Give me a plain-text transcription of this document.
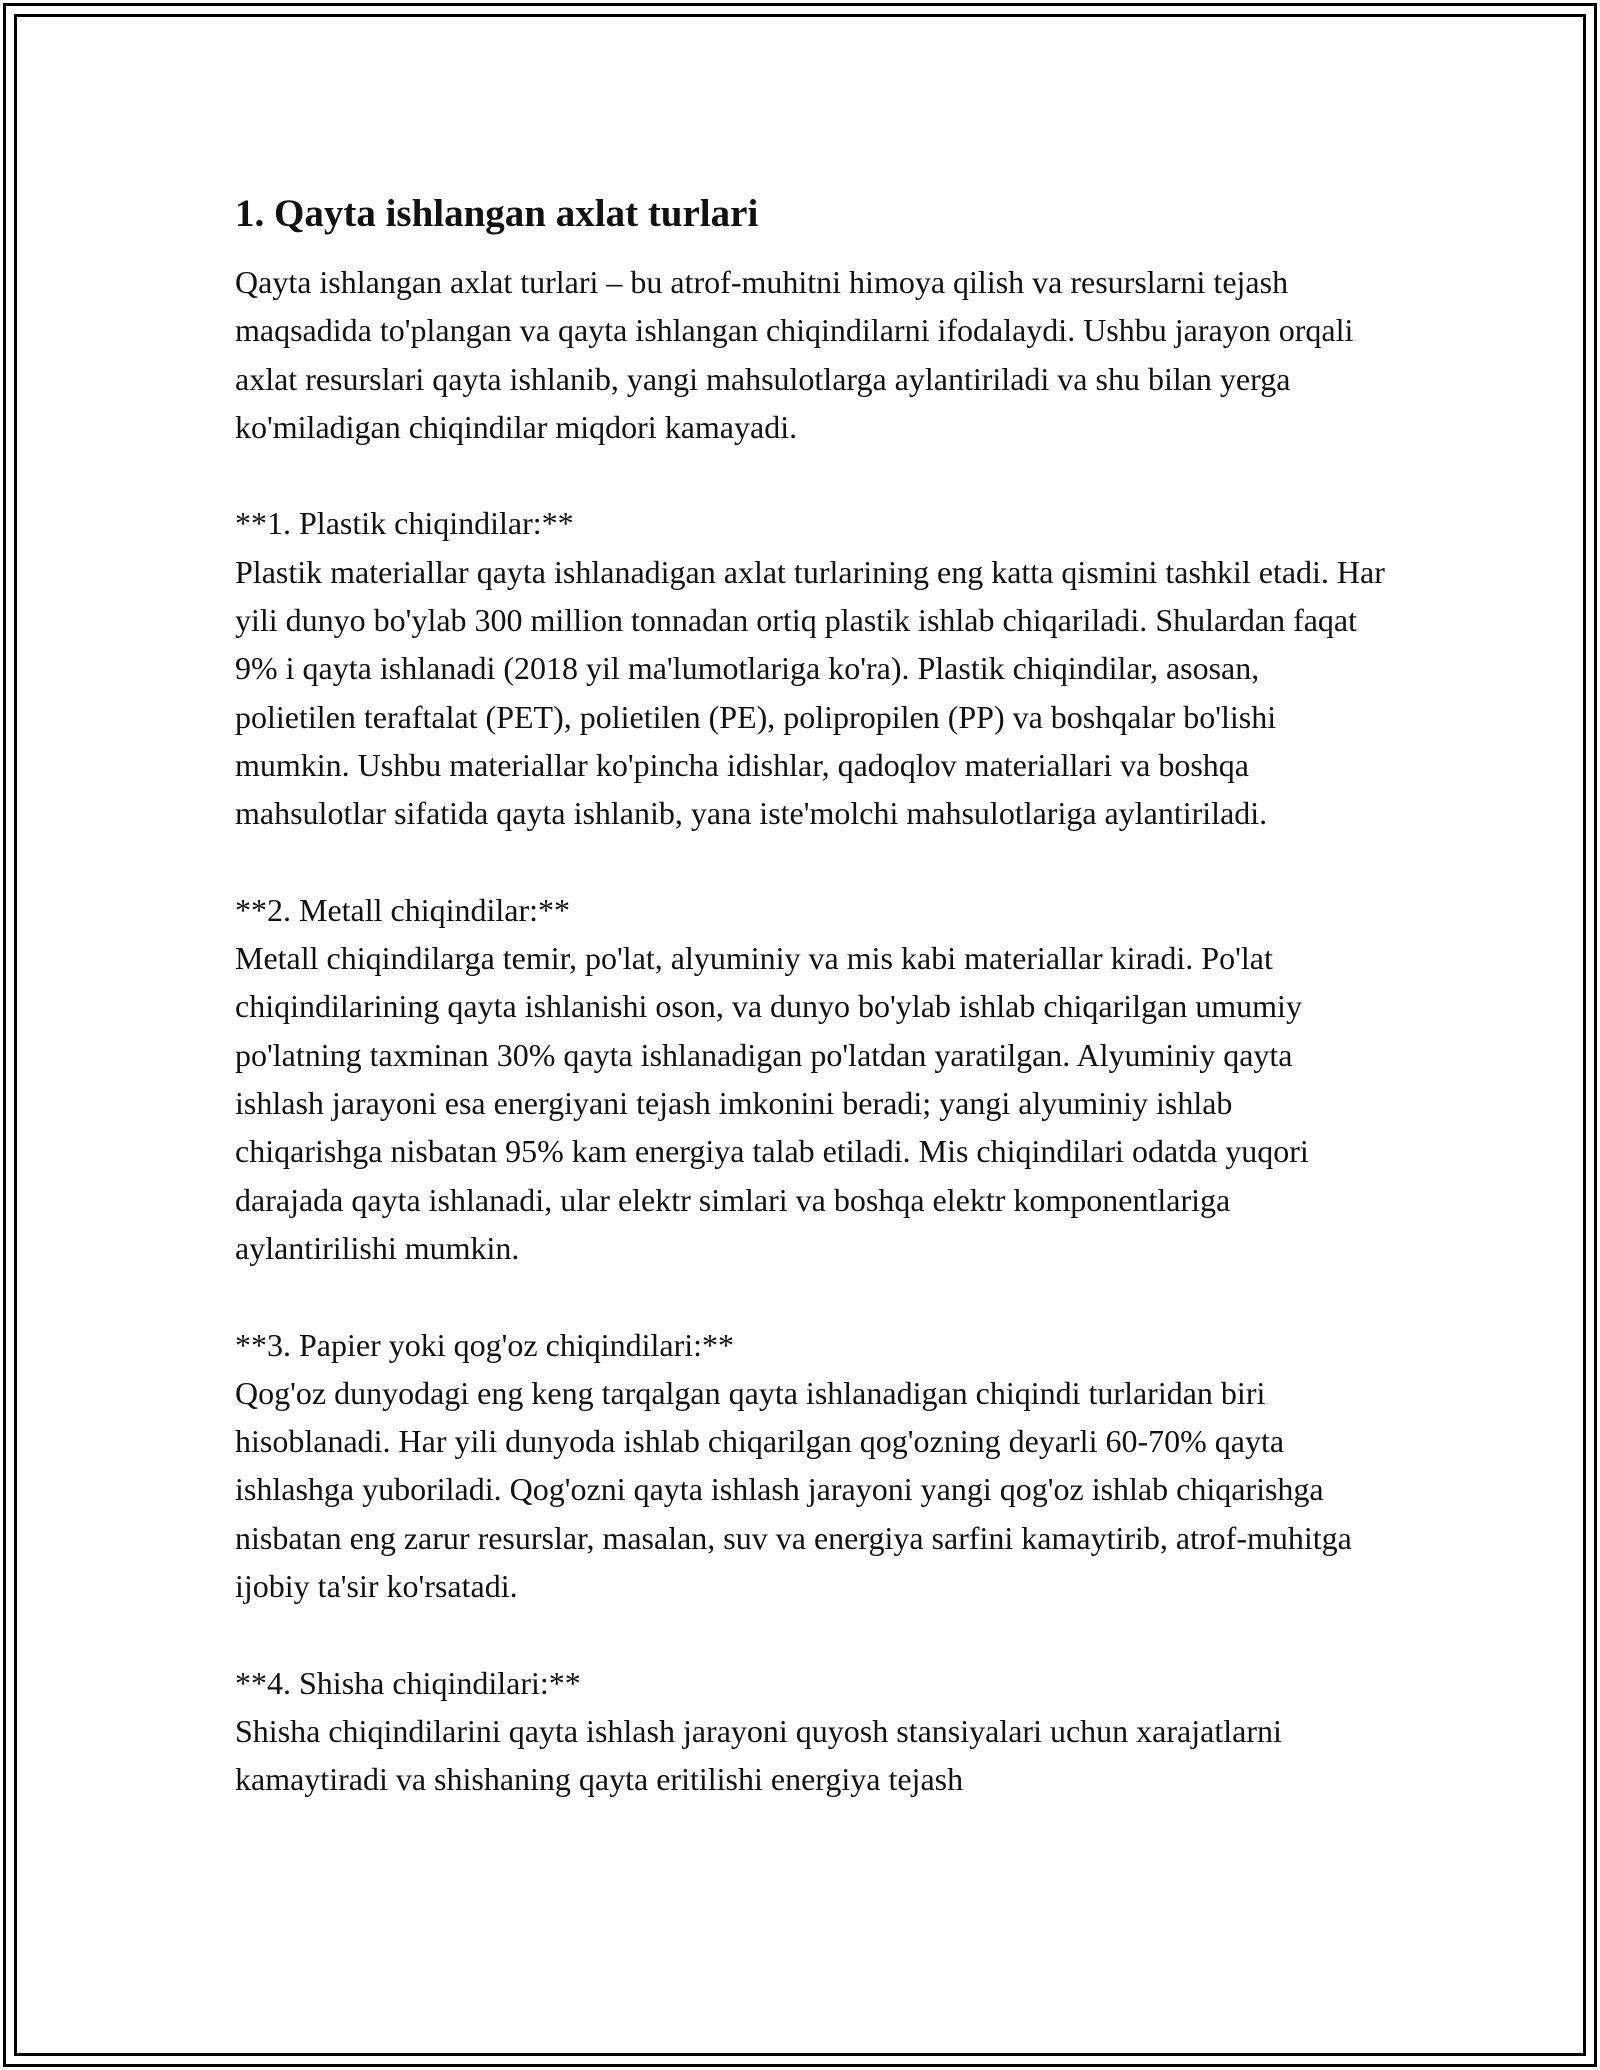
1. Qayta ishlangan axlat turlari

Qayta ishlangan axlat turlari – bu atrof-muhitni himoya qilish va resurslarni tejash maqsadida to'plangan va qayta ishlangan chiqindilarni ifodalaydi. Ushbu jarayon orqali axlat resurslari qayta ishlanib, yangi mahsulotlarga aylantiriladi va shu bilan yerga ko'miladigan chiqindilar miqdori kamayadi.

**1. Plastik chiqindilar:**

Plastik materiallar qayta ishlanadigan axlat turlarining eng katta qismini tashkil etadi. Har yili dunyo bo'ylab 300 million tonnadan ortiq plastik ishlab chiqariladi. Shulardan faqat 9% i qayta ishlanadi (2018 yil ma'lumotlariga ko'ra). Plastik chiqindilar, asosan, polietilen teraftalat (PET), polietilen (PE), polipropilen (PP) va boshqalar bo'lishi mumkin. Ushbu materiallar ko'pincha idishlar, qadoqlov materiallari va boshqa mahsulotlar sifatida qayta ishlanib, yana iste'molchi mahsulotlariga aylantiriladi.

**2. Metall chiqindilar:**

Metall chiqindilarga temir, po'lat, alyuminiy va mis kabi materiallar kiradi. Po'lat chiqindilarining qayta ishlanishi oson, va dunyo bo'ylab ishlab chiqarilgan umumiy po'latning taxminan 30% qayta ishlanadigan po'latdan yaratilgan. Alyuminiy qayta ishlash jarayoni esa energiyani tejash imkonini beradi; yangi alyuminiy ishlab chiqarishga nisbatan 95% kam energiya talab etiladi. Mis chiqindilari odatda yuqori darajada qayta ishlanadi, ular elektr simlari va boshqa elektr komponentlariga aylantirilishi mumkin.

**3. Papier yoki qog'oz chiqindilari:**

Qog'oz dunyodagi eng keng tarqalgan qayta ishlanadigan chiqindi turlaridan biri hisoblanadi. Har yili dunyoda ishlab chiqarilgan qog'ozning deyarli 60-70% qayta ishlashga yuboriladi. Qog'ozni qayta ishlash jarayoni yangi qog'oz ishlab chiqarishga nisbatan eng zarur resurslar, masalan, suv va energiya sarfini kamaytirib, atrof-muhitga ijobiy ta'sir ko'rsatadi.

**4. Shisha chiqindilari:**

Shisha chiqindilarini qayta ishlash jarayoni quyosh stansiyalari uchun xarajatlarni kamaytiradi va shishaning qayta eritilishi energiya tejash
